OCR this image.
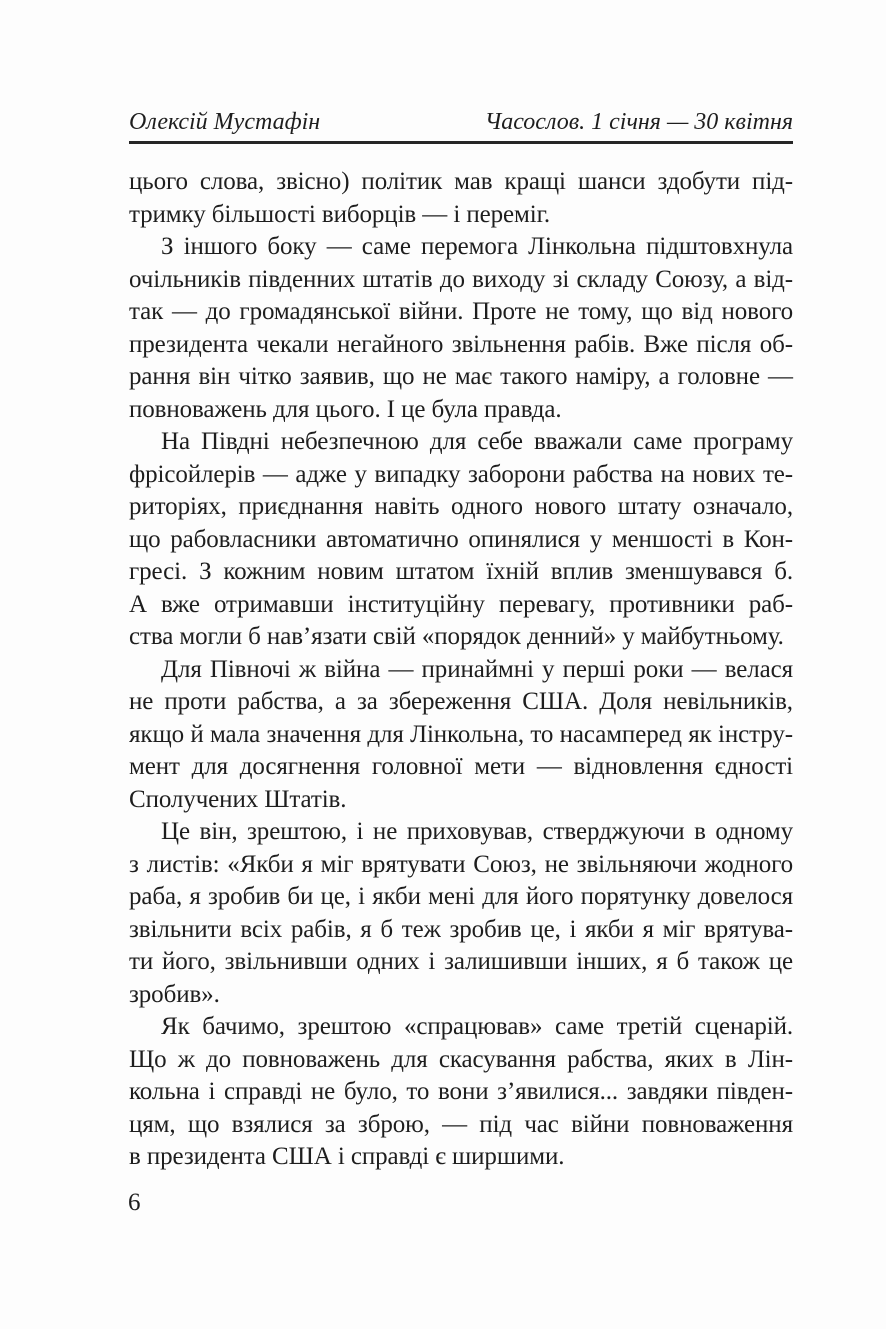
Олексій Мустафін	Часослов. 1 січня — 30 квітня
цього слова, звісно) політик мав кращі шанси здобути під-
тримку більшості виборців — і переміг.
З іншого боку — саме перемога Лінкольна підштовхнула
очільників південних штатів до виходу зі складу Союзу, а від-
так — до громадянської війни. Проте не тому, що від нового
президента чекали негайного звільнення рабів. Вже після об-
рання він чітко заявив, що не має такого наміру, а головне —
повноважень для цього. І це була правда.
На Півдні небезпечною для себе вважали саме програму
фрісойлерів — адже у випадку заборони рабства на нових те-
риторіях, приєднання навіть одного нового штату означало,
що рабовласники автоматично опинялися у меншості в Кон-
гресі. З кожним новим штатом їхній вплив зменшувався б.
А вже отримавши інституційну перевагу, противники раб-
ства могли б нав’язати свій «порядок денний» у майбутньому.
Для Півночі ж війна — принаймні у перші роки — велася
не проти рабства, а за збереження США. Доля невільників,
якщо й мала значення для Лінкольна, то насамперед як інстру-
мент для досягнення головної мети — відновлення єдності
Сполучених Штатів.
Це він, зрештою, і не приховував, стверджуючи в одному
з листів: «Якби я міг врятувати Союз, не звільняючи жодного
раба, я зробив би це, і якби мені для його порятунку довелося
звільнити всіх рабів, я б теж зробив це, і якби я міг врятува-
ти його, звільнивши одних і залишивши інших, я б також це
зробив».
Як бачимо, зрештою «спрацював» саме третій сценарій.
Що ж до повноважень для скасування рабства, яких в Лін-
кольна і справді не було, то вони з’явилися... завдяки півден-
цям, що взялися за зброю, — під час війни повноваження
в президента США і справді є ширшими.
6
